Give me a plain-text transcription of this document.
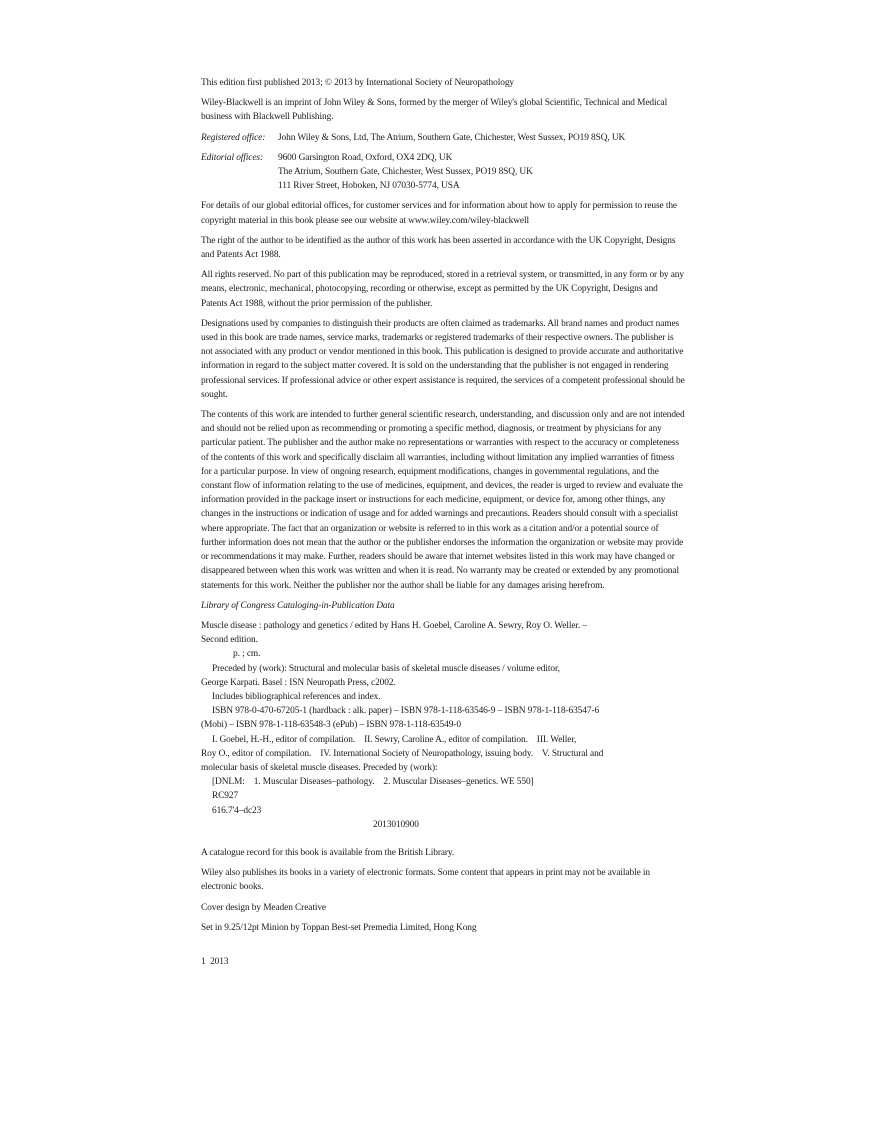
This edition first published 2013; © 2013 by International Society of Neuropathology

Wiley-Blackwell is an imprint of John Wiley & Sons, formed by the merger of Wiley's global Scientific, Technical and Medical business with Blackwell Publishing.

Registered office:	John Wiley & Sons, Ltd, The Atrium, Southern Gate, Chichester, West Sussex, PO19 8SQ, UK
Editorial offices:	9600 Garsington Road, Oxford, OX4 2DQ, UK
The Atrium, Southern Gate, Chichester, West Sussex, PO19 8SQ, UK
111 River Street, Hoboken, NJ 07030-5774, USA

For details of our global editorial offices, for customer services and for information about how to apply for permission to reuse the copyright material in this book please see our website at www.wiley.com/wiley-blackwell

The right of the author to be identified as the author of this work has been asserted in accordance with the UK Copyright, Designs and Patents Act 1988.

All rights reserved. No part of this publication may be reproduced, stored in a retrieval system, or transmitted, in any form or by any means, electronic, mechanical, photocopying, recording or otherwise, except as permitted by the UK Copyright, Designs and Patents Act 1988, without the prior permission of the publisher.

Designations used by companies to distinguish their products are often claimed as trademarks. All brand names and product names used in this book are trade names, service marks, trademarks or registered trademarks of their respective owners. The publisher is not associated with any product or vendor mentioned in this book. This publication is designed to provide accurate and authoritative information in regard to the subject matter covered. It is sold on the understanding that the publisher is not engaged in rendering professional services. If professional advice or other expert assistance is required, the services of a competent professional should be sought.

The contents of this work are intended to further general scientific research, understanding, and discussion only and are not intended and should not be relied upon as recommending or promoting a specific method, diagnosis, or treatment by physicians for any particular patient. The publisher and the author make no representations or warranties with respect to the accuracy or completeness of the contents of this work and specifically disclaim all warranties, including without limitation any implied warranties of fitness for a particular purpose. In view of ongoing research, equipment modifications, changes in governmental regulations, and the constant flow of information relating to the use of medicines, equipment, and devices, the reader is urged to review and evaluate the information provided in the package insert or instructions for each medicine, equipment, or device for, among other things, any changes in the instructions or indication of usage and for added warnings and precautions. Readers should consult with a specialist where appropriate. The fact that an organization or website is referred to in this work as a citation and/or a potential source of further information does not mean that the author or the publisher endorses the information the organization or website may provide or recommendations it may make. Further, readers should be aware that internet websites listed in this work may have changed or disappeared between when this work was written and when it is read. No warranty may be created or extended by any promotional statements for this work. Neither the publisher nor the author shall be liable for any damages arising herefrom.

Library of Congress Cataloging-in-Publication Data

Muscle disease : pathology and genetics / edited by Hans H. Goebel, Caroline A. Sewry, Roy O. Weller. –

Second edition.

p. ; cm.

Preceded by (work): Structural and molecular basis of skeletal muscle diseases / volume editor,

George Karpati. Basel : ISN Neuropath Press, c2002.

Includes bibliographical references and index.

ISBN 978-0-470-67205-1 (hardback : alk. paper) – ISBN 978-1-118-63546-9 – ISBN 978-1-118-63547-6

(Mobi) – ISBN 978-1-118-63548-3 (ePub) – ISBN 978-1-118-63549-0

I. Goebel, H.-H., editor of compilation.    II. Sewry, Caroline A., editor of compilation.    III. Weller,

Roy O., editor of compilation.    IV. International Society of Neuropathology, issuing body.    V. Structural and

molecular basis of skeletal muscle diseases. Preceded by (work):

[DNLM:    1. Muscular Diseases–pathology.    2. Muscular Diseases–genetics. WE 550]

RC927

616.7'4–dc23

2013010900

A catalogue record for this book is available from the British Library.

Wiley also publishes its books in a variety of electronic formats. Some content that appears in print may not be available in electronic books.

Cover design by Meaden Creative

Set in 9.25/12pt Minion by Toppan Best-set Premedia Limited, Hong Kong

1  2013
